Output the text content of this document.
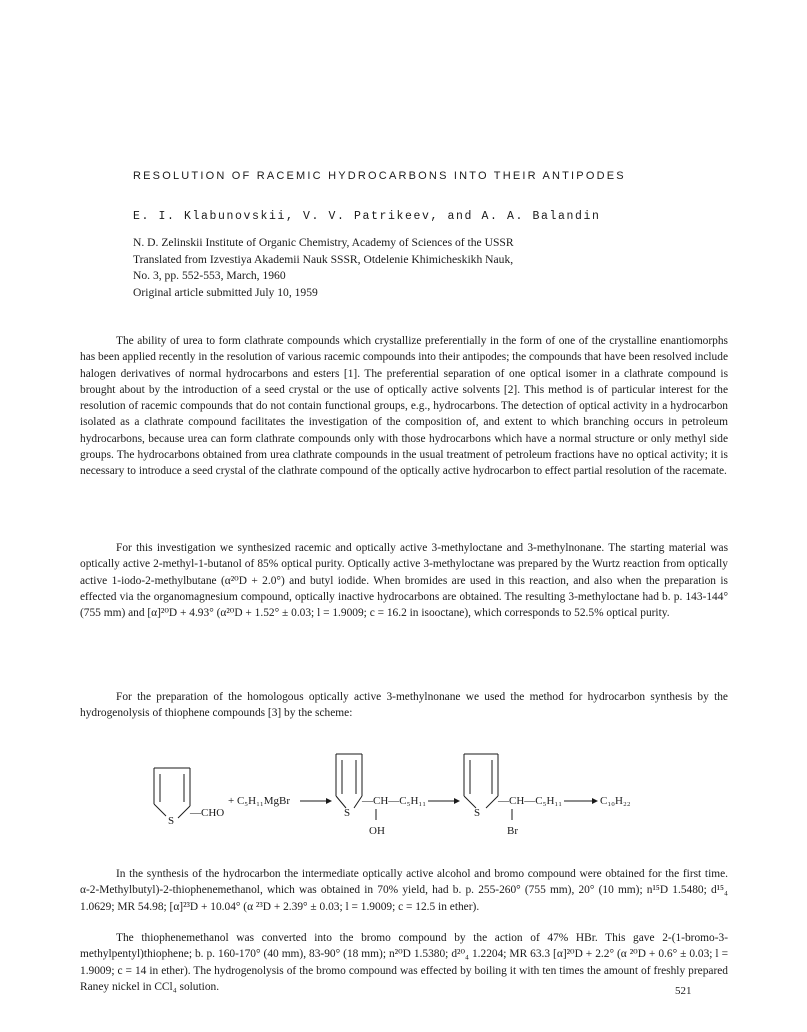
RESOLUTION OF RACEMIC HYDROCARBONS INTO THEIR ANTIPODES
E. I. Klabunovskii, V. V. Patrikeev, and A. A. Balandin
N. D. Zelinskii Institute of Organic Chemistry, Academy of Sciences of the USSR
Translated from Izvestiya Akademii Nauk SSSR, Otdelenie Khimicheskikh Nauk,
No. 3, pp. 552-553, March, 1960
Original article submitted July 10, 1959

The ability of urea to form clathrate compounds which crystallize preferentially in the form of one of the crystalline enantiomorphs has been applied recently in the resolution of various racemic compounds into their antipodes; the compounds that have been resolved include halogen derivatives of normal hydrocarbons and esters [1]. The preferential separation of one optical isomer in a clathrate compound is brought about by the introduction of a seed crystal or the use of optically active solvents [2]. This method is of particular interest for the resolution of racemic compounds that do not contain functional groups, e.g., hydrocarbons. The detection of optical activity in a hydrocarbon isolated as a clathrate compound facilitates the investigation of the composition of, and extent to which branching occurs in petroleum hydrocarbons, because urea can form clathrate compounds only with those hydrocarbons which have a normal structure or only methyl side groups. The hydrocarbons obtained from urea clathrate compounds in the usual treatment of petroleum fractions have no optical activity; it is necessary to introduce a seed crystal of the clathrate compound of the optically active hydrocarbon to effect partial resolution of the racemate.

For this investigation we synthesized racemic and optically active 3-methyloctane and 3-methylnonane. The starting material was optically active 2-methyl-1-butanol of 85% optical purity. Optically active 3-methyloctane was prepared by the Wurtz reaction from optically active 1-iodo-2-methylbutane (α²⁰D + 2.0°) and butyl iodide. When bromides are used in this reaction, and also when the preparation is effected via the organomagnesium compound, optically inactive hydrocarbons are obtained. The resulting 3-methyloctane had b. p. 143-144° (755 mm) and [α]²⁰D + 4.93° (α²⁰D + 1.52° ± 0.03; l = 1.9009; c = 16.2 in isooctane), which corresponds to 52.5% optical purity.

For the preparation of the homologous optically active 3-methylnonane we used the method for hydrocarbon synthesis by the hydrogenolysis of thiophene compounds [3] by the scheme:

S
—CHO
+ C₅H₁₁MgBr
S
—CH—C₅H₁₁
OH
S
—CH—C₅H₁₁
Br
C₁₀H₂₂

In the synthesis of the hydrocarbon the intermediate optically active alcohol and bromo compound were obtained for the first time. α-2-Methylbutyl)-2-thiophenemethanol, which was obtained in 70% yield, had b. p. 255-260° (755 mm), 20° (10 mm); n¹⁵D 1.5480; d¹⁵₄ 1.0629; MR 54.98; [α]²³D + 10.04° (α ²³D + 2.39° ± 0.03; l = 1.9009; c = 12.5 in ether).

The thiophenemethanol was converted into the bromo compound by the action of 47% HBr. This gave 2-(1-bromo-3-methylpentyl)thiophene; b. p. 160-170° (40 mm), 83-90° (18 mm); n²⁰D 1.5380; d²⁰₄ 1.2204; MR 63.3 [α]²⁰D + 2.2° (α ²⁰D + 0.6° ± 0.03; l = 1.9009; c = 14 in ether). The hydrogenolysis of the bromo compound was effected by boiling it with ten times the amount of freshly prepared Raney nickel in CCl₄ solution.	521
